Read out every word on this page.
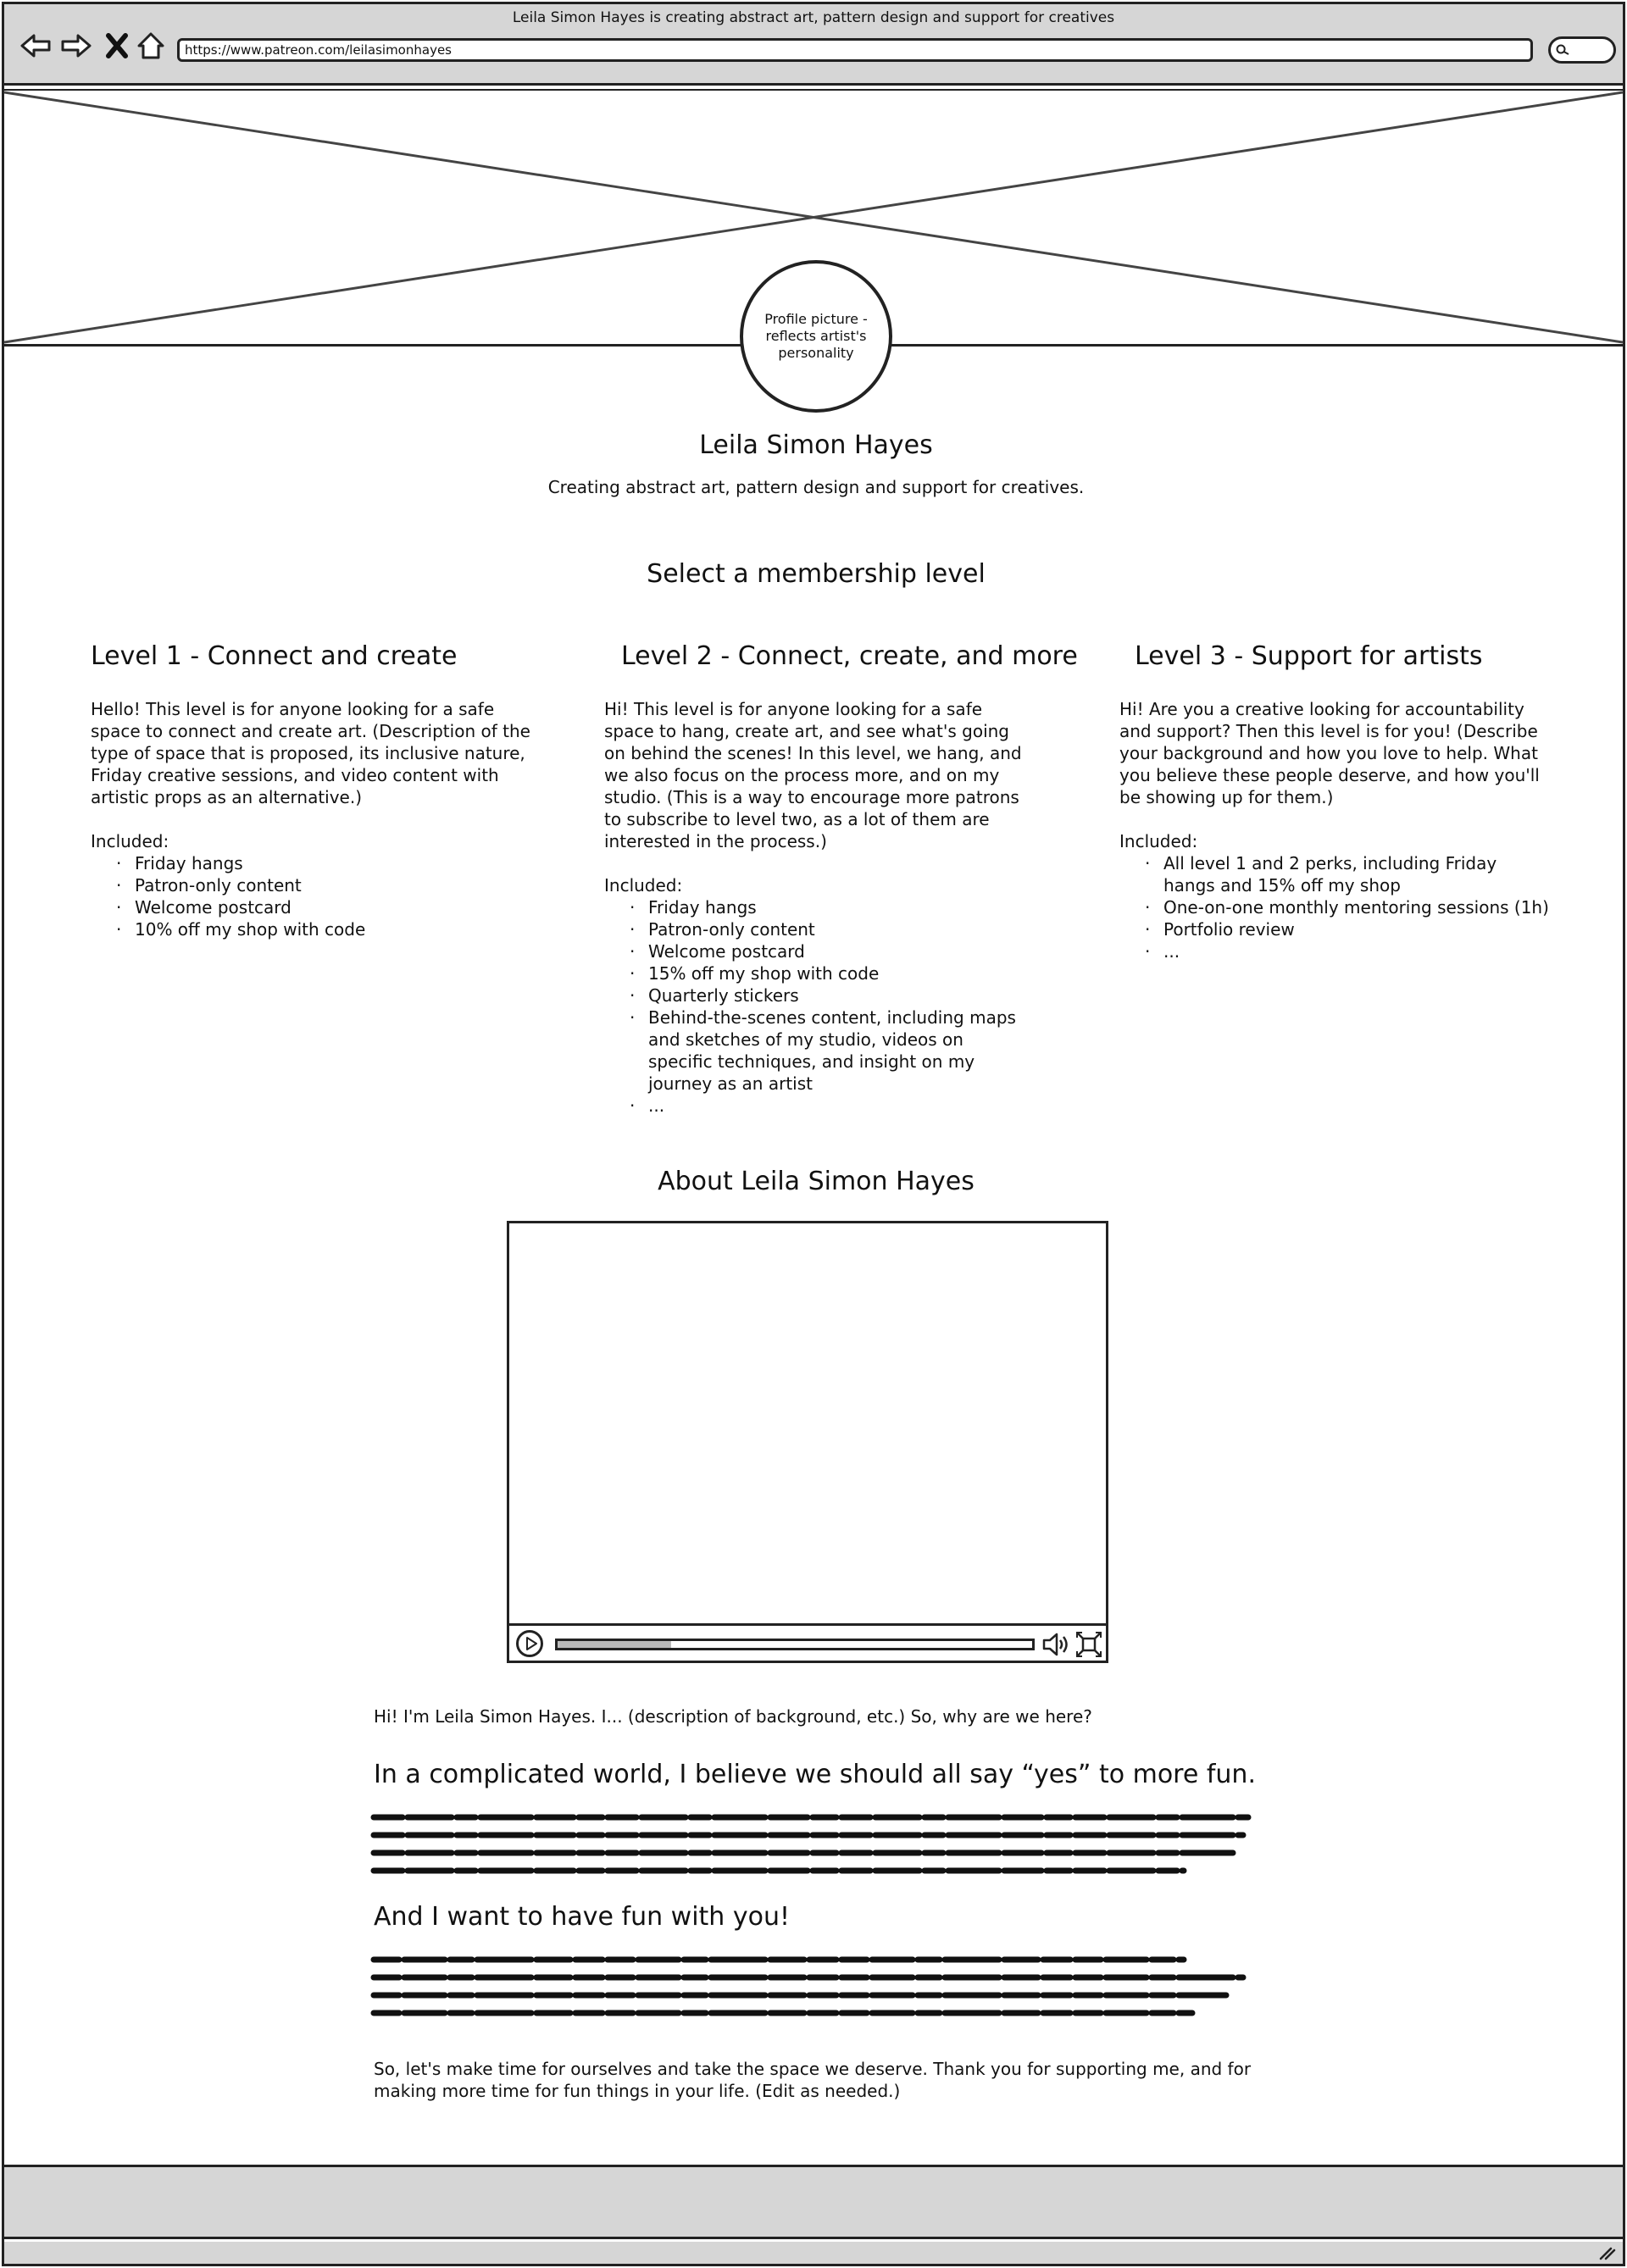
Leila Simon Hayes is creating abstract art, pattern design and support for creatives
https://www.patreon.com/leilasimonhayes
Profile picture - reflects artist's personality
Leila Simon Hayes
Creating abstract art, pattern design and support for creatives.
Select a membership level
Level 1 - Connect and create
Hello! This level is for anyone looking for a safe space to connect and create art. (Description of the type of space that is proposed, its inclusive nature, Friday creative sessions, and video content with artistic props as an alternative.)
Included:
· Friday hangs
· Patron-only content
· Welcome postcard
· 10% off my shop with code
Level 2 - Connect, create, and more
Hi! This level is for anyone looking for a safe space to hang, create art, and see what's going on behind the scenes! In this level, we hang, and we also focus on the process more, and on my studio. (This is a way to encourage more patrons to subscribe to level two, as a lot of them are interested in the process.)
Included:
· Friday hangs
· Patron-only content
· Welcome postcard
· 15% off my shop with code
· Quarterly stickers
· Behind-the-scenes content, including maps and sketches of my studio, videos on specific techniques, and insight on my journey as an artist
· ...
Level 3 - Support for artists
Hi! Are you a creative looking for accountability and support? Then this level is for you! (Describe your background and how you love to help. What you believe these people deserve, and how you'll be showing up for them.)
Included:
· All level 1 and 2 perks, including Friday hangs and 15% off my shop
· One-on-one monthly mentoring sessions (1h)
· Portfolio review
· ...
About Leila Simon Hayes
Hi! I'm Leila Simon Hayes. I... (description of background, etc.) So, why are we here?
In a complicated world, I believe we should all say “yes” to more fun.
And I want to have fun with you!
So, let's make time for ourselves and take the space we deserve. Thank you for supporting me, and for making more time for fun things in your life. (Edit as needed.)
